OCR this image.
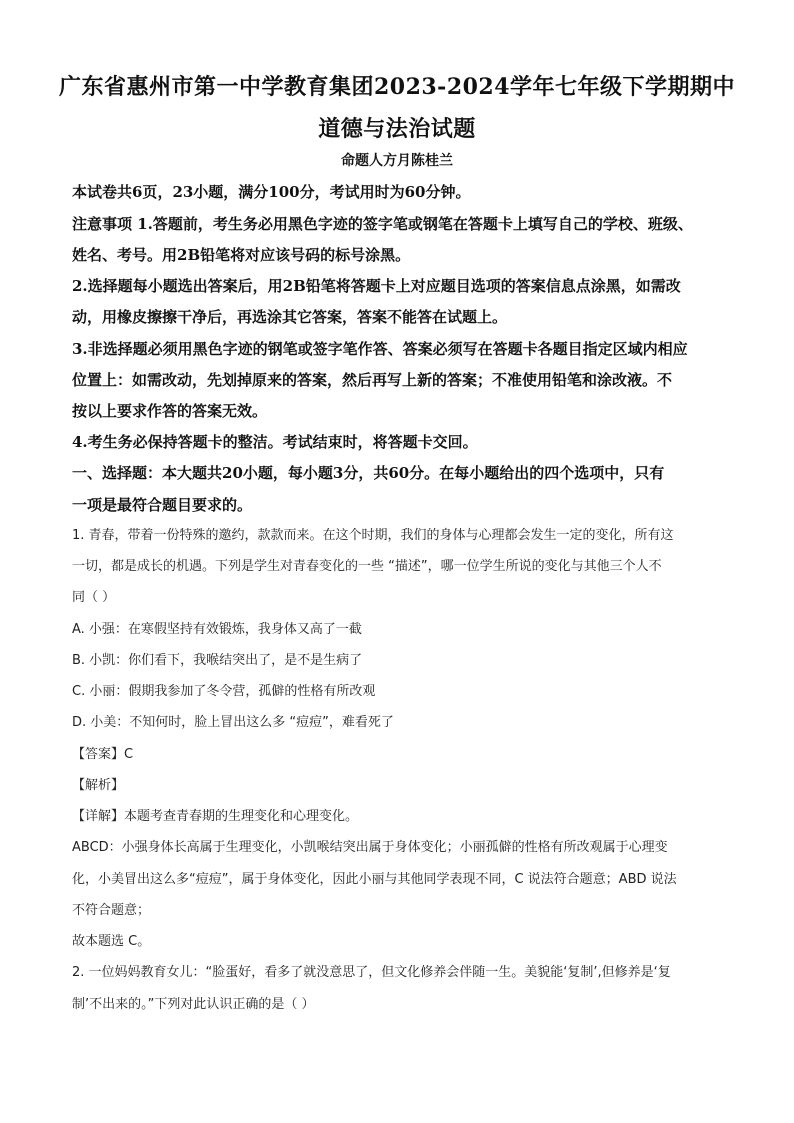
广东省惠州市第一中学教育集团2023-2024学年七年级下学期期中
道德与法治试题
命题人方月陈桂兰
本试卷共6页，23小题，满分100分，考试用时为60分钟。
注意事项 1.答题前，考生务必用黑色字迹的签字笔或钢笔在答题卡上填写自己的学校、班级、
姓名、考号。用2B铅笔将对应该号码的标号涂黑。
2.选择题每小题选出答案后，用2B铅笔将答题卡上对应题目选项的答案信息点涂黑，如需改
动，用橡皮擦擦干净后，再选涂其它答案，答案不能答在试题上。
3.非选择题必须用黑色字迹的钢笔或签字笔作答、答案必须写在答题卡各题目指定区域内相应
位置上：如需改动，先划掉原来的答案，然后再写上新的答案；不准使用铅笔和涂改液。不
按以上要求作答的答案无效。
4.考生务必保持答题卡的整洁。考试结束时，将答题卡交回。
一、选择题：本大题共20小题，每小题3分，共60分。在每小题给出的四个选项中，只有
一项是最符合题目要求的。
1. 青春，带着一份特殊的邀约，款款而来。在这个时期，我们的身体与心理都会发生一定的变化，所有这
一切，都是成长的机遇。下列是学生对青春变化的一些 “描述”，哪一位学生所说的变化与其他三个人不
同（ ）
A. 小强：在寒假坚持有效锻炼，我身体又高了一截
B. 小凯：你们看下，我喉结突出了，是不是生病了
C. 小丽：假期我参加了冬令营，孤僻的性格有所改观
D. 小美：不知何时，脸上冒出这么多 “痘痘”，难看死了
【答案】C
【解析】
【详解】本题考查青春期的生理变化和心理变化。
ABCD：小强身体长高属于生理变化，小凯喉结突出属于身体变化；小丽孤僻的性格有所改观属于心理变
化，小美冒出这么多“痘痘”，属于身体变化，因此小丽与其他同学表现不同，C 说法符合题意；ABD 说法
不符合题意；
故本题选 C。
2. 一位妈妈教育女儿：“脸蛋好，看多了就没意思了，但文化修养会伴随一生。美貌能‘复制’,但修养是‘复
制’不出来的。”下列对此认识正确的是（ ）
